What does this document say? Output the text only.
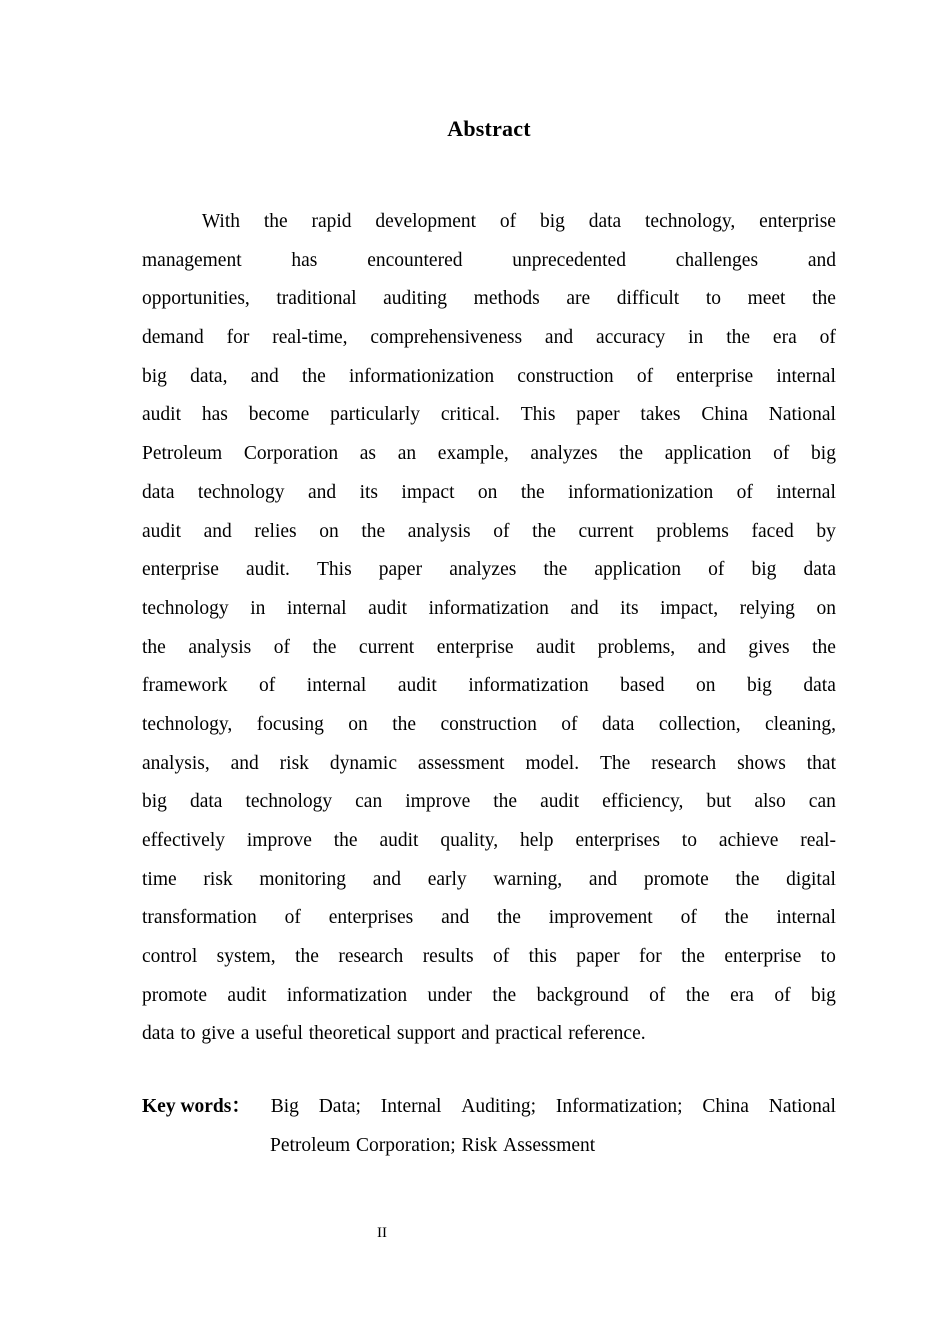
Abstract
With the rapid development of big data technology, enterprise
management	has	encountered	unprecedented	challenges	and
opportunities, traditional auditing methods are difficult to meet the
demand for real-time, comprehensiveness and accuracy in the era of
big data, and the informationization construction of enterprise internal
audit has become particularly critical. This paper takes China National
Petroleum Corporation as an example, analyzes the application of big
data technology and its impact on the informationization of internal
audit and relies on the analysis of the current problems faced by
enterprise audit. This paper analyzes the application of big data
technology in internal audit informatization and its impact, relying on
the analysis of the current enterprise audit problems, and gives the
framework of internal audit informatization based on big data
technology, focusing on the construction of data collection, cleaning,
analysis, and risk dynamic assessment model. The research shows that
big data technology can improve the audit efficiency, but also can
effectively improve the audit quality, help enterprises to achieve real-
time risk monitoring and early warning, and promote the digital
transformation of enterprises and the improvement of the internal
control system, the research results of this paper for the enterprise to
promote audit informatization under the background of the era of big
data to give a useful theoretical support and practical reference.
Key words： Big Data; Internal Auditing; Informatization; China National
Petroleum Corporation; Risk Assessment
II
